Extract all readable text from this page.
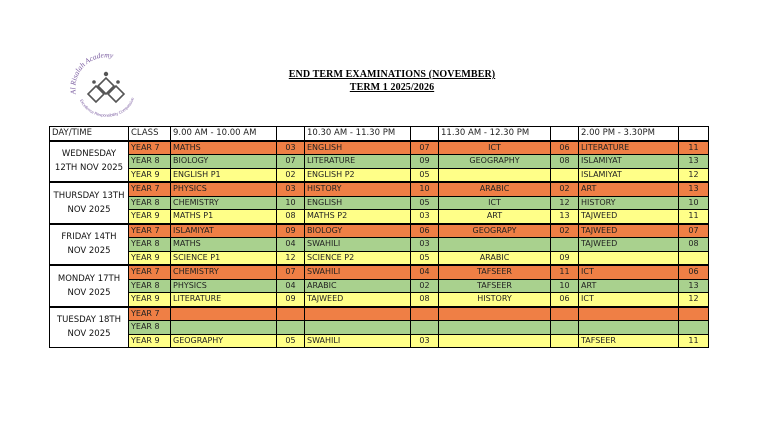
Al Risalah Academy
Excellence Responsibility Compassion
END TERM EXAMINATIONS (NOVEMBER)
TERM 1 2025/2026
DAY/TIME	CLASS	9.00 AM - 10.00 AM		10.30 AM - 11.30 PM		11.30 AM - 12.30 PM		2.00 PM - 3.30PM	
WEDNESDAY 12TH NOV 2025	YEAR 7	MATHS	03	ENGLISH	07	ICT	06	LITERATURE	11
	YEAR 8	BIOLOGY	07	LITERATURE	09	GEOGRAPHY	08	ISLAMIYAT	13
	YEAR 9	ENGLISH P1	02	ENGLISH P2	05			ISLAMIYAT	12
THURSDAY 13TH NOV 2025	YEAR 7	PHYSICS	03	HISTORY	10	ARABIC	02	ART	13
	YEAR 8	CHEMISTRY	10	ENGLISH	05	ICT	12	HISTORY	10
	YEAR 9	MATHS P1	08	MATHS P2	03	ART	13	TAJWEED	11
FRIDAY 14TH NOV 2025	YEAR 7	ISLAMIYAT	09	BIOLOGY	06	GEOGRAPY	02	TAJWEED	07
	YEAR 8	MATHS	04	SWAHILI	03			TAJWEED	08
	YEAR 9	SCIENCE P1	12	SCIENCE P2	05	ARABIC	09		
MONDAY 17TH NOV 2025	YEAR 7	CHEMISTRY	07	SWAHILI	04	TAFSEER	11	ICT	06
	YEAR 8	PHYSICS	04	ARABIC	02	TAFSEER	10	ART	13
	YEAR 9	LITERATURE	09	TAJWEED	08	HISTORY	06	ICT	12
TUESDAY 18TH NOV 2025	YEAR 7								
	YEAR 8								
	YEAR 9	GEOGRAPHY	05	SWAHILI	03			TAFSEER	11
